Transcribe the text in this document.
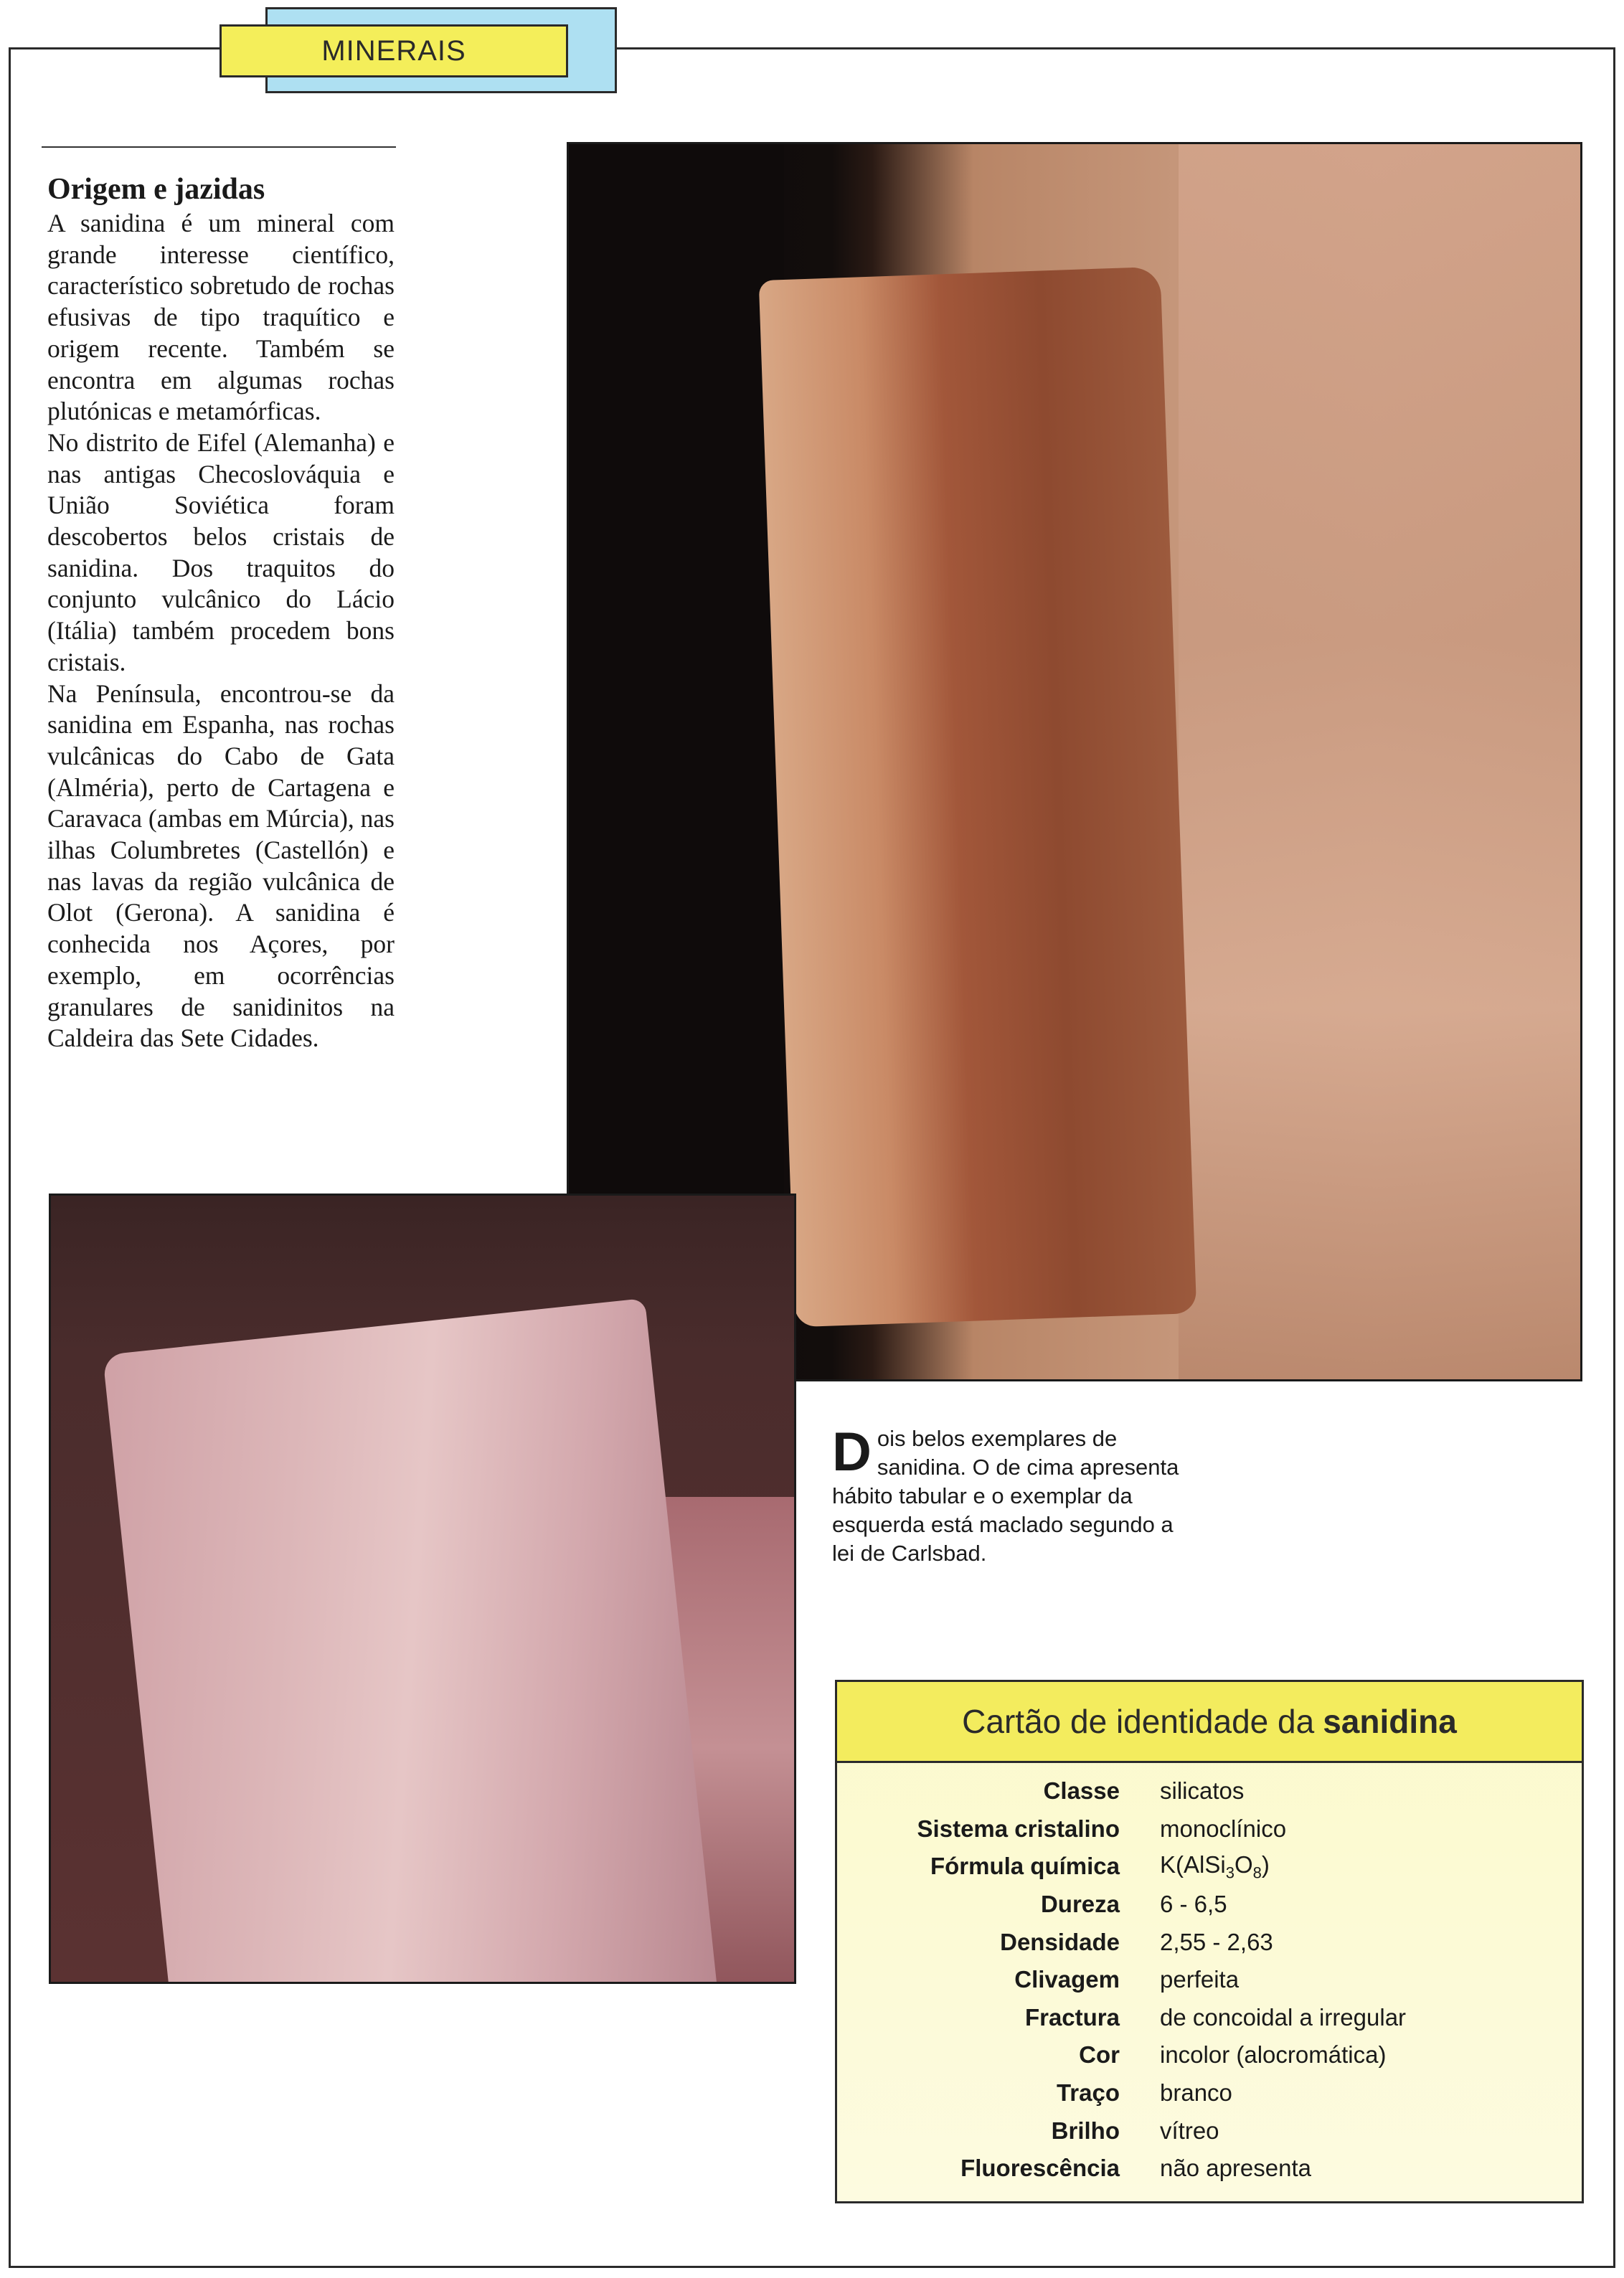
MINERAIS
Origem e jazidas

A sanidina é um mineral com grande interesse científico, característico sobretudo de rochas efusivas de tipo traquítico e origem recente. Também se encontra em algumas rochas plutónicas e metamórficas.

No distrito de Eifel (Alemanha) e nas antigas Checoslováquia e União Soviética foram descobertos belos cristais de sanidina. Dos traquitos do conjunto vulcânico do Lácio (Itália) também procedem bons cristais.

Na Península, encontrou-se da sanidina em Espanha, nas rochas vulcânicas do Cabo de Gata (Alméria), perto de Cartagena e Caravaca (ambas em Múrcia), nas ilhas Columbretes (Castellón) e nas lavas da região vulcânica de Olot (Gerona). A sanidina é conhecida nos Açores, por exemplo, em ocorrências granulares de sanidinitos na Caldeira das Sete Cidades.

Dois belos exemplares de sanidina. O de cima apresenta hábito tabular e o exemplar da esquerda está maclado segundo a lei de Carlsbad.
Cartão de identidade da sanidina
Classe	silicatos
Sistema cristalino	monoclínico
Fórmula química	$K(AlSi_3O_8)$
Dureza	6 - 6,5
Densidade	2,55 - 2,63
Clivagem	perfeita
Fractura	de concoidal a irregular
Cor	incolor (alocromática)
Traço	branco
Brilho	vítreo
Fluorescência	não apresenta
